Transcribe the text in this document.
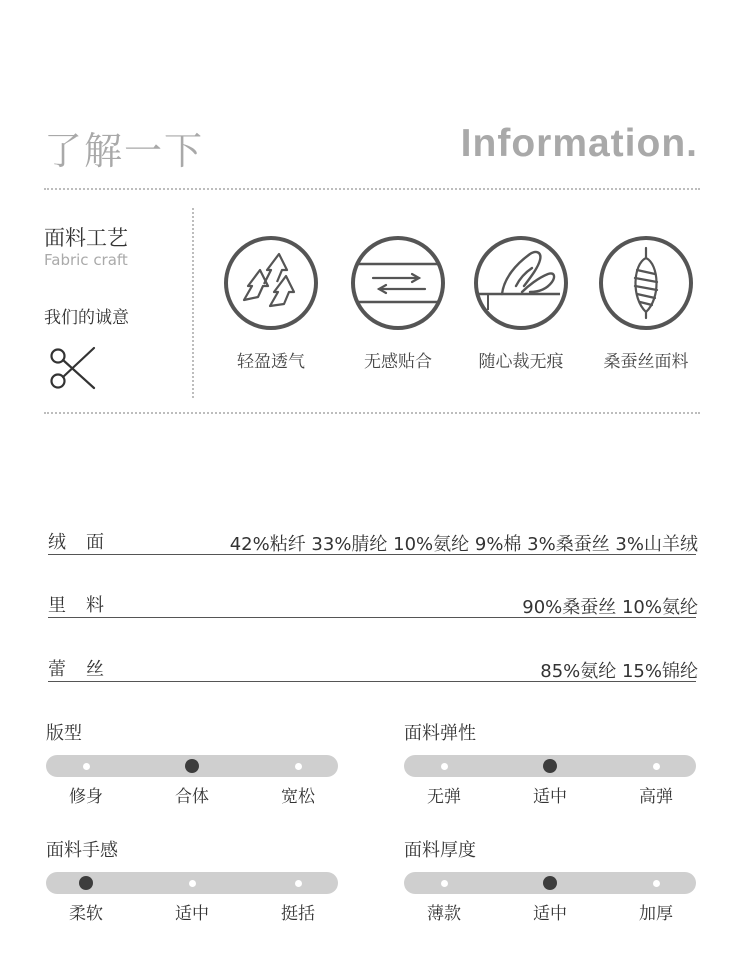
了解一下	Information.
面料工艺
Fabric craft
我们的诚意
轻盈透气	无感贴合	随心裁无痕	桑蚕丝面料
绒　面	42%粘纤 33%腈纶 10%氨纶 9%棉 3%桑蚕丝 3%山羊绒
里　料	90%桑蚕丝 10%氨纶
蕾　丝	85%氨纶 15%锦纶
版型	面料弹性
面料手感	面料厚度
修身	合体	宽松	无弹	适中	高弹
柔软	适中	挺括	薄款	适中	加厚
